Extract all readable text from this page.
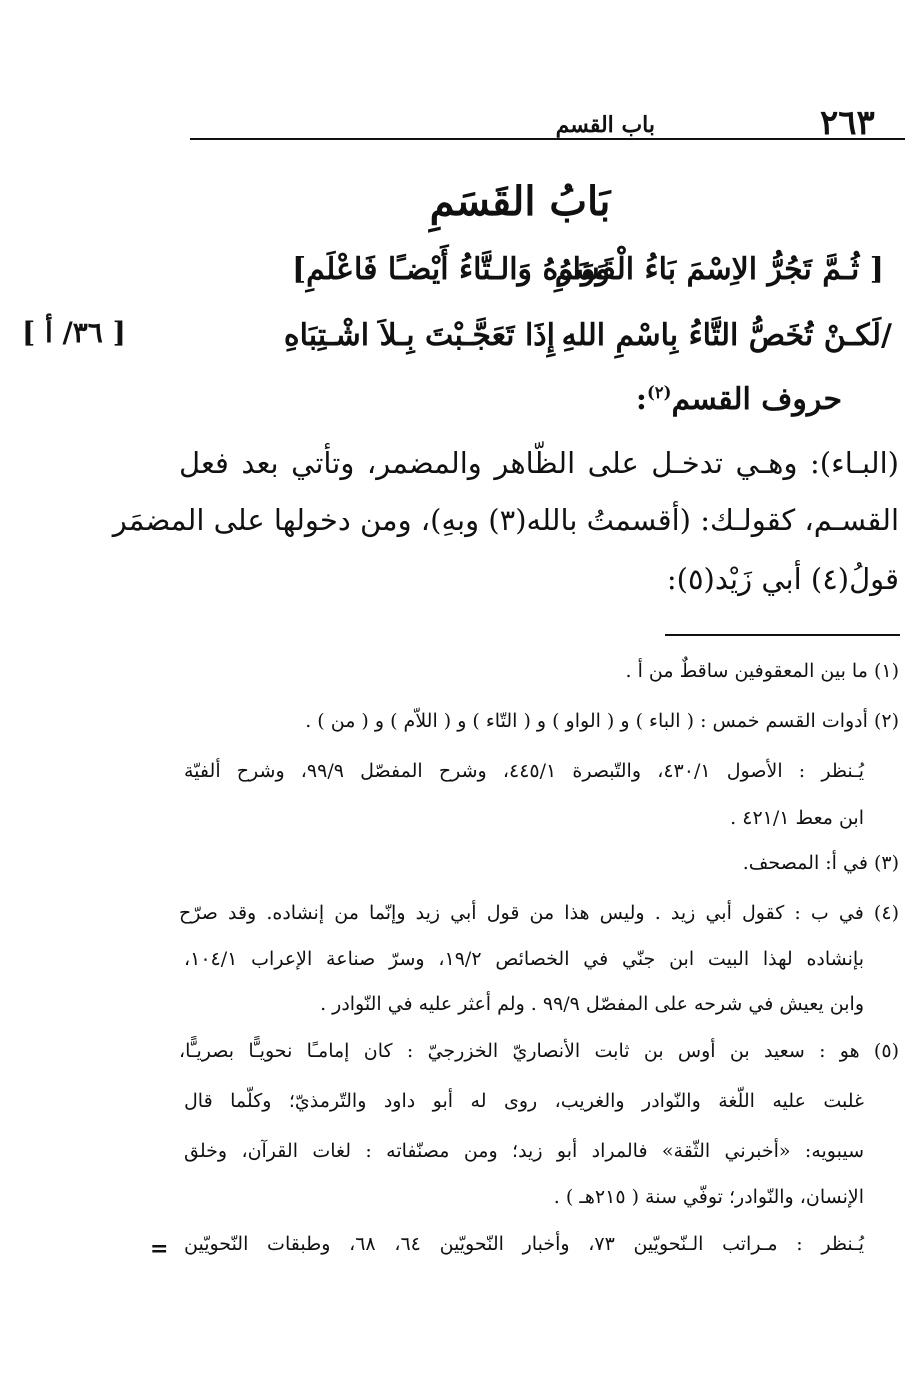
٢٦٣
باب القسم
بَابُ القَسَمِ
[ ثُـمَّ تَجُرُّ الاِسْمَ بَاءُ الْقَسَمِ
وَوَاوُهُ وَالـتَّاءُ أَيْضـًا فَاعْلَمِ]
/لَكـنْ تُخَصُّ التَّاءُ بِاسْمِ اللهِ
إِذَا تَعَجَّـبْتَ بِـلاَ اشْـتِبَاهِ
[ ٣٦/ أ ]
حروف القسم$^{(٢)}$:
(البـاء): وهـي تدخـل على الظّاهر والمضمر، وتأتي بعد فعل
القسـم، كقولـك: (أقسمتُ بالله(٣) وبهِ)، ومن دخولها على المضمَر
قولُ(٤) أبي زَيْد(٥):
(١) ما بين المعقوفين ساقطٌ من أ .
(٢) أدوات القسم خمس : ( الباء ) و ( الواو ) و ( التّاء ) و ( اللاّم ) و ( من ) .
يُـنظر : الأصول ٤٣٠/١، والتّبصرة ٤٤٥/١، وشرح المفصّل ٩٩/٩، وشرح ألفيّة
ابن معط ٤٢١/١ .
(٣) في أ: المصحف.
(٤) في ب : كقول أبي زيد . وليس هذا من قول أبي زيد وإنّما من إنشاده. وقد صرّح
بإنشاده لهذا البيت ابن جنّي في الخصائص ١٩/٢، وسرّ صناعة الإعراب ١٠٤/١،
وابن يعيش في شرحه على المفصّل ٩٩/٩ . ولم أعثر عليه في النّوادر .
(٥) هو : سعيد بن أوس بن ثابت الأنصاريّ الخزرجيّ : كان إمامـًا نحويـًّا بصريـًّا،
غلبت عليه اللّغة والنّوادر والغريب، روى له أبو داود والتّرمذيّ؛ وكلّما قال
سيبويه: «أخبرني الثّقة» فالمراد أبو زيد؛ ومن مصنّفاته : لغات القرآن، وخلق
الإنسان، والنّوادر؛ توفّي سنة ( ٢١٥هـ ) .
يُـنظر : مـراتب الـنّحويّين ٧٣، وأخبار النّحويّين ٦٤، ٦٨، وطبقات النّحويّين
=
